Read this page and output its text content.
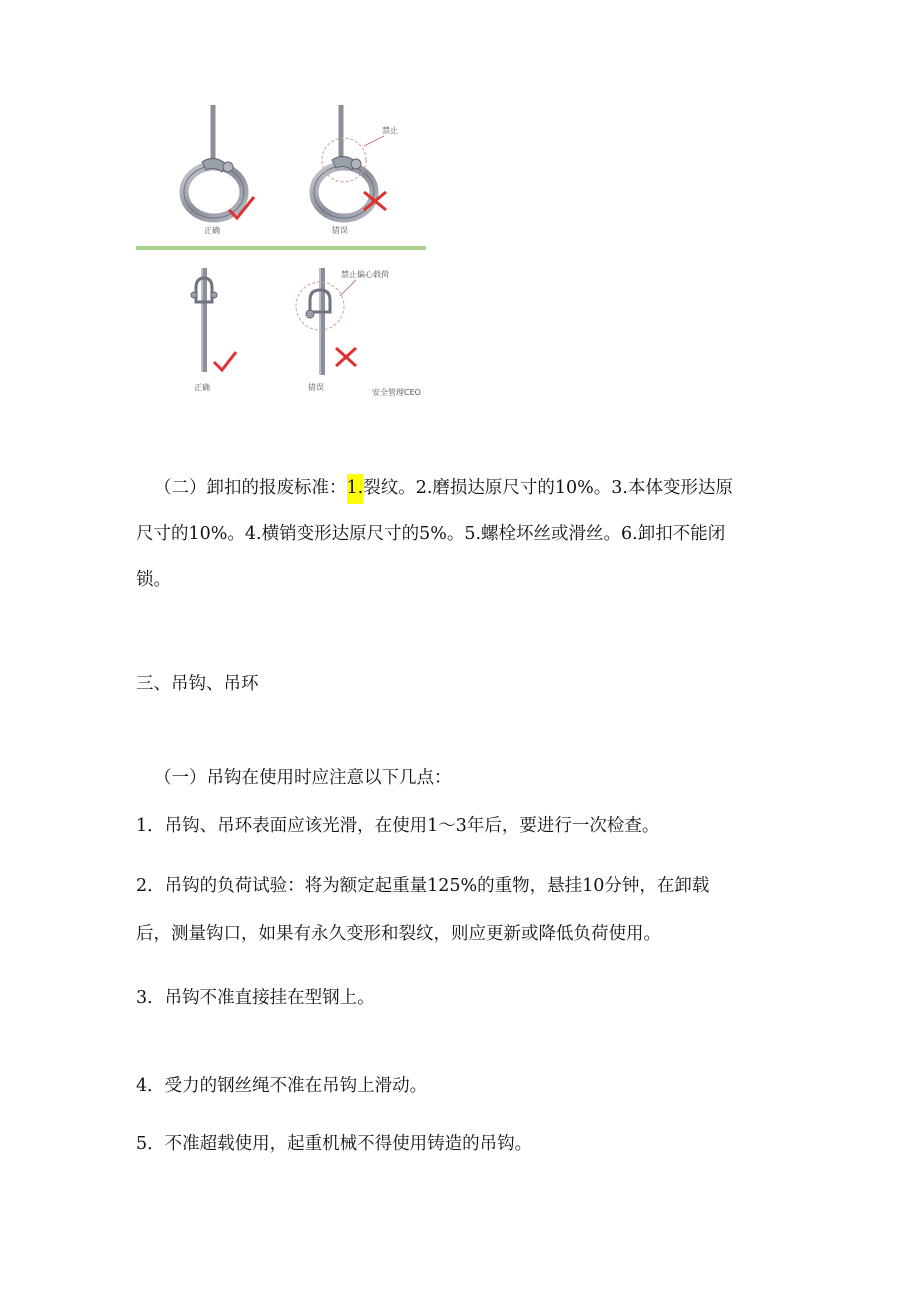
正确
禁止
错误
正确
禁止偏心载荷
错误
安全管理CEO
（二）卸扣的报废标准：1.裂纹。2.磨损达原尺寸的10%。3.本体变形达原
尺寸的10%。4.横销变形达原尺寸的5%。5.螺栓坏丝或滑丝。6.卸扣不能闭
锁。
三、吊钩、吊环
（一）吊钩在使用时应注意以下几点：
1．吊钩、吊环表面应该光滑，在使用1～3年后，要进行一次检查。
2．吊钩的负荷试验：将为额定起重量125%的重物，悬挂10分钟，在卸载
后，测量钩口，如果有永久变形和裂纹，则应更新或降低负荷使用。
3．吊钩不准直接挂在型钢上。
4．受力的钢丝绳不准在吊钩上滑动。
5．不准超载使用，起重机械不得使用铸造的吊钩。
